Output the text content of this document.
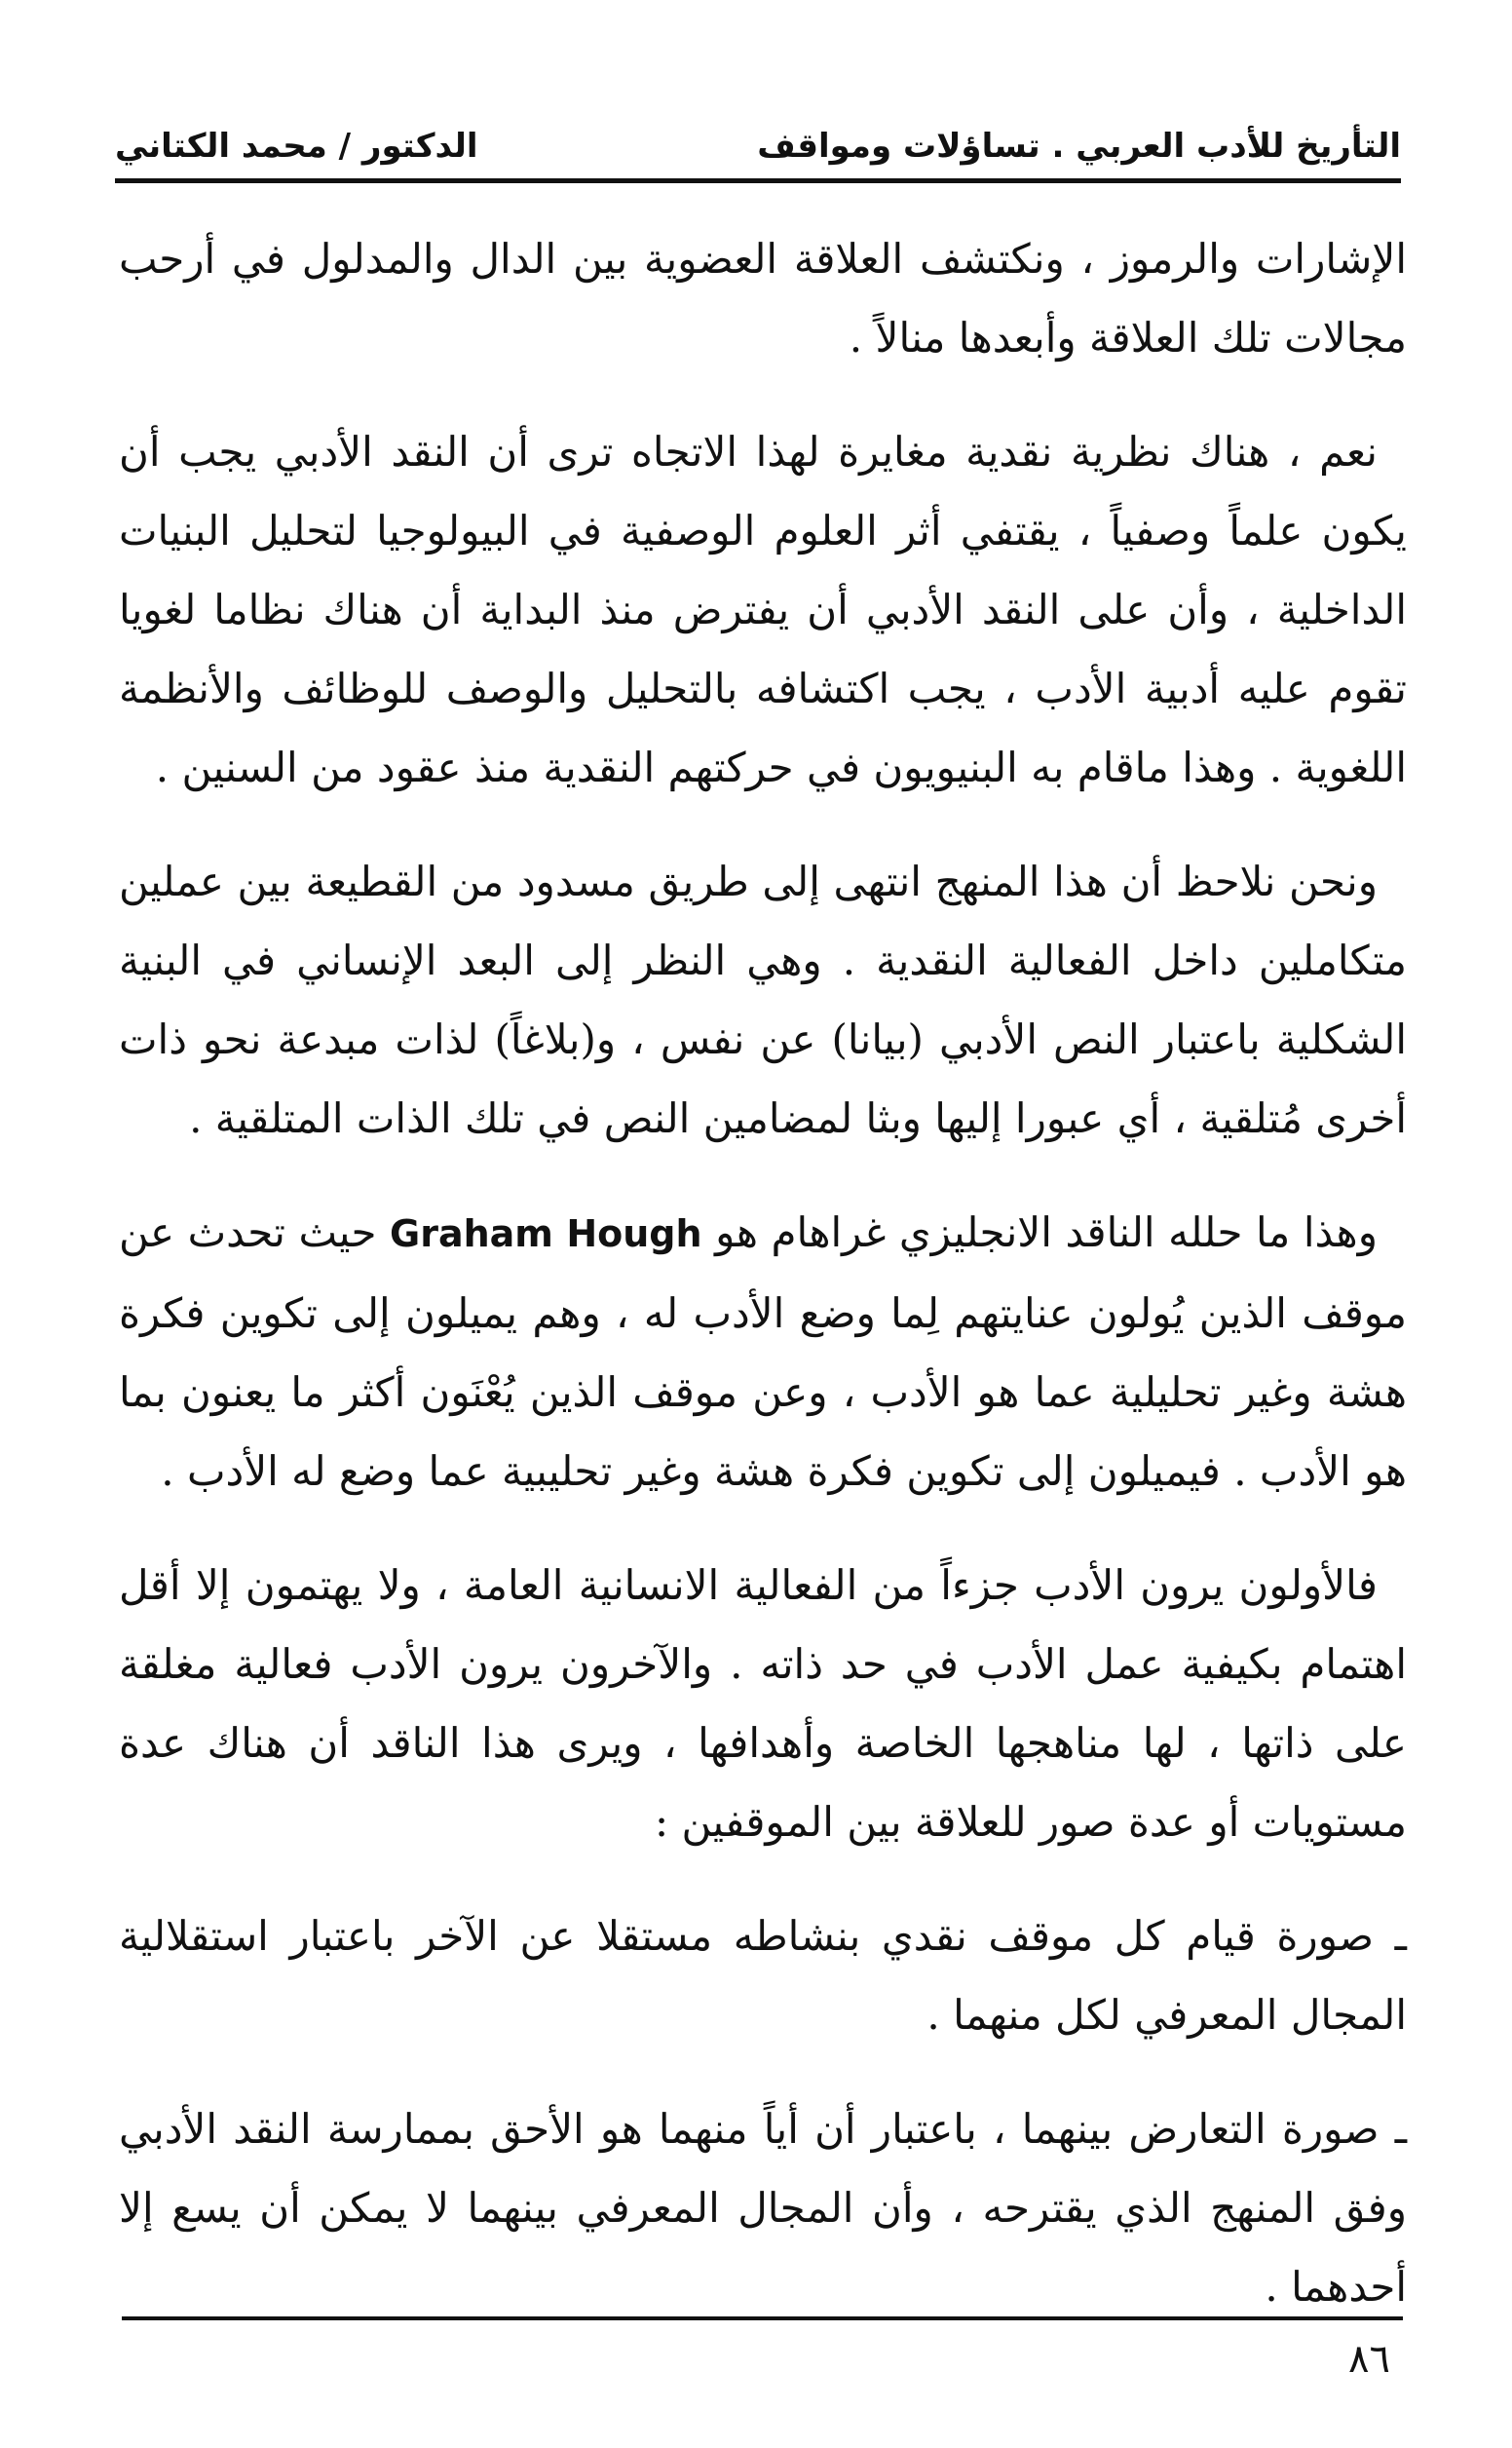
التأريخ للأدب العربي . تساؤلات ومواقف
الدكتور / محمد الكتاني

الإشارات والرموز ، ونكتشف العلاقة العضوية بين الدال والمدلول في أرحب مجالات تلك العلاقة وأبعدها منالاً .

نعم ، هناك نظرية نقدية مغايرة لهذا الاتجاه ترى أن النقد الأدبي يجب أن يكون علماً وصفياً ، يقتفي أثر العلوم الوصفية في البيولوجيا لتحليل البنيات الداخلية ، وأن على النقد الأدبي أن يفترض منذ البداية أن هناك نظاما لغويا تقوم عليه أدبية الأدب ، يجب اكتشافه بالتحليل والوصف للوظائف والأنظمة اللغوية . وهذا ماقام به البنيويون في حركتهم النقدية منذ عقود من السنين .

ونحن نلاحظ أن هذا المنهج انتهى إلى طريق مسدود من القطيعة بين عملين متكاملين داخل الفعالية النقدية . وهي النظر إلى البعد الإنساني في البنية الشكلية باعتبار النص الأدبي (بيانا) عن نفس ، و(بلاغاً) لذات مبدعة نحو ذات أخرى مُتلقية ، أي عبورا إليها وبثا لمضامين النص في تلك الذات المتلقية .

وهذا ما حلله الناقد الانجليزي غراهام هو Graham Hough حيث تحدث عن موقف الذين يُولون عنايتهم لِما وضع الأدب له ، وهم يميلون إلى تكوين فكرة هشة وغير تحليلية عما هو الأدب ، وعن موقف الذين يُعْنَون أكثر ما يعنون بما هو الأدب . فيميلون إلى تكوين فكرة هشة وغير تحليبية عما وضع له الأدب .

فالأولون يرون الأدب جزءاً من الفعالية الانسانية العامة ، ولا يهتمون إلا أقل اهتمام بكيفية عمل الأدب في حد ذاته . والآخرون يرون الأدب فعالية مغلقة على ذاتها ، لها مناهجها الخاصة وأهدافها ، ويرى هذا الناقد أن هناك عدة مستويات أو عدة صور للعلاقة بين الموقفين :

ـ صورة قيام كل موقف نقدي بنشاطه مستقلا عن الآخر باعتبار استقلالية المجال المعرفي لكل منهما .

ـ صورة التعارض بينهما ، باعتبار أن أياً منهما هو الأحق بممارسة النقد الأدبي وفق المنهج الذي يقترحه ، وأن المجال المعرفي بينهما لا يمكن أن يسع إلا أحدهما .

٨٦
